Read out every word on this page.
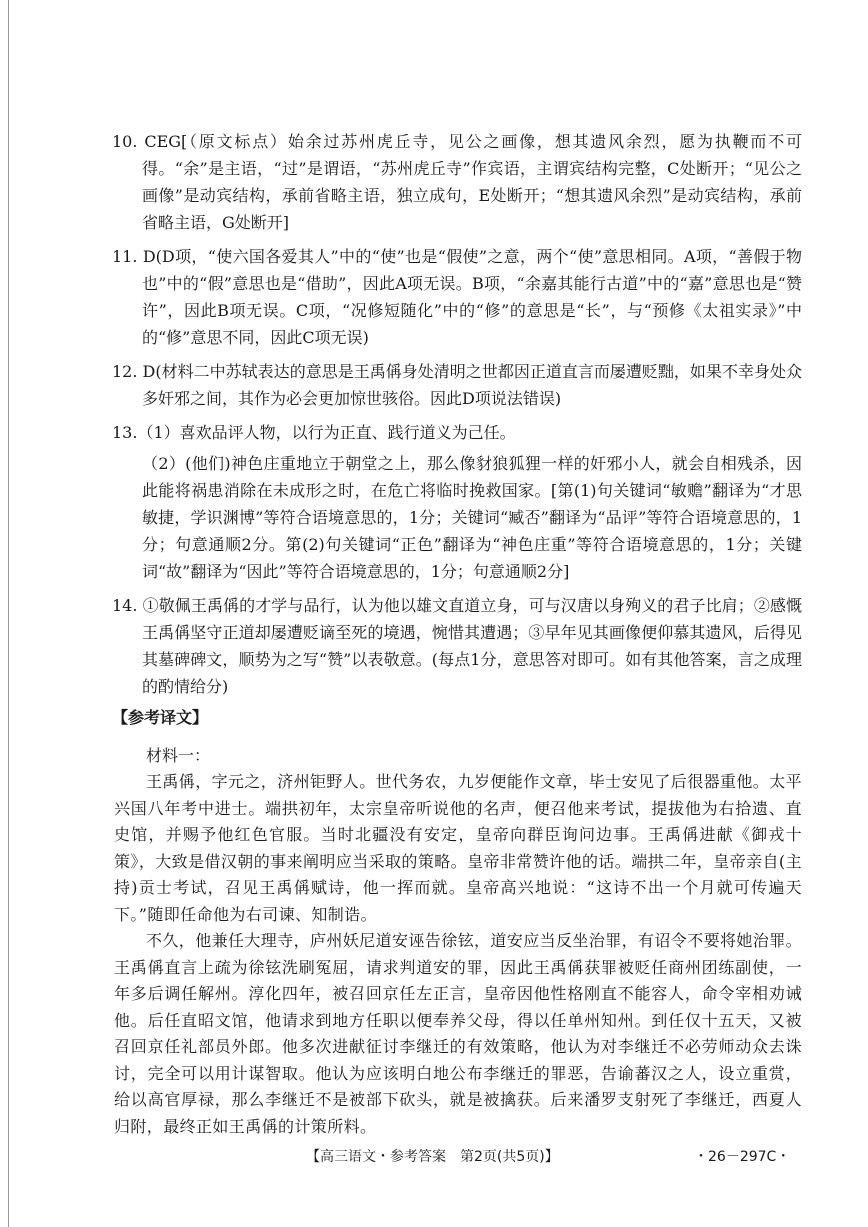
10. CEG[（原文标点）始余过苏州虎丘寺，见公之画像，想其遗风余烈，愿为执鞭而不可得。“余”是主语，“过”是谓语，“苏州虎丘寺”作宾语，主谓宾结构完整，C处断开；“见公之画像”是动宾结构，承前省略主语，独立成句，E处断开；“想其遗风余烈”是动宾结构，承前省略主语，G处断开]
11. D(D项，“使六国各爱其人”中的“使”也是“假使”之意，两个“使”意思相同。A项，“善假于物也”中的“假”意思也是“借助”，因此A项无误。B项，“余嘉其能行古道”中的“嘉”意思也是“赞许”，因此B项无误。C项，“况修短随化”中的“修”的意思是“长”，与“预修《太祖实录》”中的“修”意思不同，因此C项无误)
12. D(材料二中苏轼表达的意思是王禹偁身处清明之世都因正道直言而屡遭贬黜，如果不幸身处众多奸邪之间，其作为必会更加惊世骇俗。因此D项说法错误)
13.（1）喜欢品评人物，以行为正直、践行道义为己任。
（2）(他们)神色庄重地立于朝堂之上，那么像豺狼狐狸一样的奸邪小人，就会自相残杀，因此能将祸患消除在未成形之时，在危亡将临时挽救国家。[第(1)句关键词“敏赡”翻译为“才思敏捷，学识渊博”等符合语境意思的，1分；关键词“臧否”翻译为“品评”等符合语境意思的，1分；句意通顺2分。第(2)句关键词“正色”翻译为“神色庄重”等符合语境意思的，1分；关键词“故”翻译为“因此”等符合语境意思的，1分；句意通顺2分]
14. ①敬佩王禹偁的才学与品行，认为他以雄文直道立身，可与汉唐以身殉义的君子比肩；②感慨王禹偁坚守正道却屡遭贬谪至死的境遇，惋惜其遭遇；③早年见其画像便仰慕其遗风，后得见其墓碑碑文，顺势为之写“赞”以表敬意。(每点1分，意思答对即可。如有其他答案，言之成理的酌情给分)
【参考译文】
材料一：
王禹偁，字元之，济州钜野人。世代务农，九岁便能作文章，毕士安见了后很器重他。太平兴国八年考中进士。端拱初年，太宗皇帝听说他的名声，便召他来考试，提拔他为右拾遗、直史馆，并赐予他红色官服。当时北疆没有安定，皇帝向群臣询问边事。王禹偁进献《御戎十策》，大致是借汉朝的事来阐明应当采取的策略。皇帝非常赞许他的话。端拱二年，皇帝亲自(主持)贡士考试，召见王禹偁赋诗，他一挥而就。皇帝高兴地说：“这诗不出一个月就可传遍天下。”随即任命他为右司谏、知制诰。
不久，他兼任大理寺，庐州妖尼道安诬告徐铉，道安应当反坐治罪，有诏令不要将她治罪。王禹偁直言上疏为徐铉洗刷冤屈，请求判道安的罪，因此王禹偁获罪被贬任商州团练副使，一年多后调任解州。淳化四年，被召回京任左正言，皇帝因他性格刚直不能容人，命令宰相劝诫他。后任直昭文馆，他请求到地方任职以便奉养父母，得以任单州知州。到任仅十五天，又被召回京任礼部员外郎。他多次进献征讨李继迁的有效策略，他认为对李继迁不必劳师动众去诛讨，完全可以用计谋智取。他认为应该明白地公布李继迁的罪恶，告谕蕃汉之人，设立重赏，给以高官厚禄，那么李继迁不是被部下砍头，就是被擒获。后来潘罗支射死了李继迁，西夏人归附，最终正如王禹偁的计策所料。
【高三语文・参考答案　第2页(共5页)】	・26－297C・
